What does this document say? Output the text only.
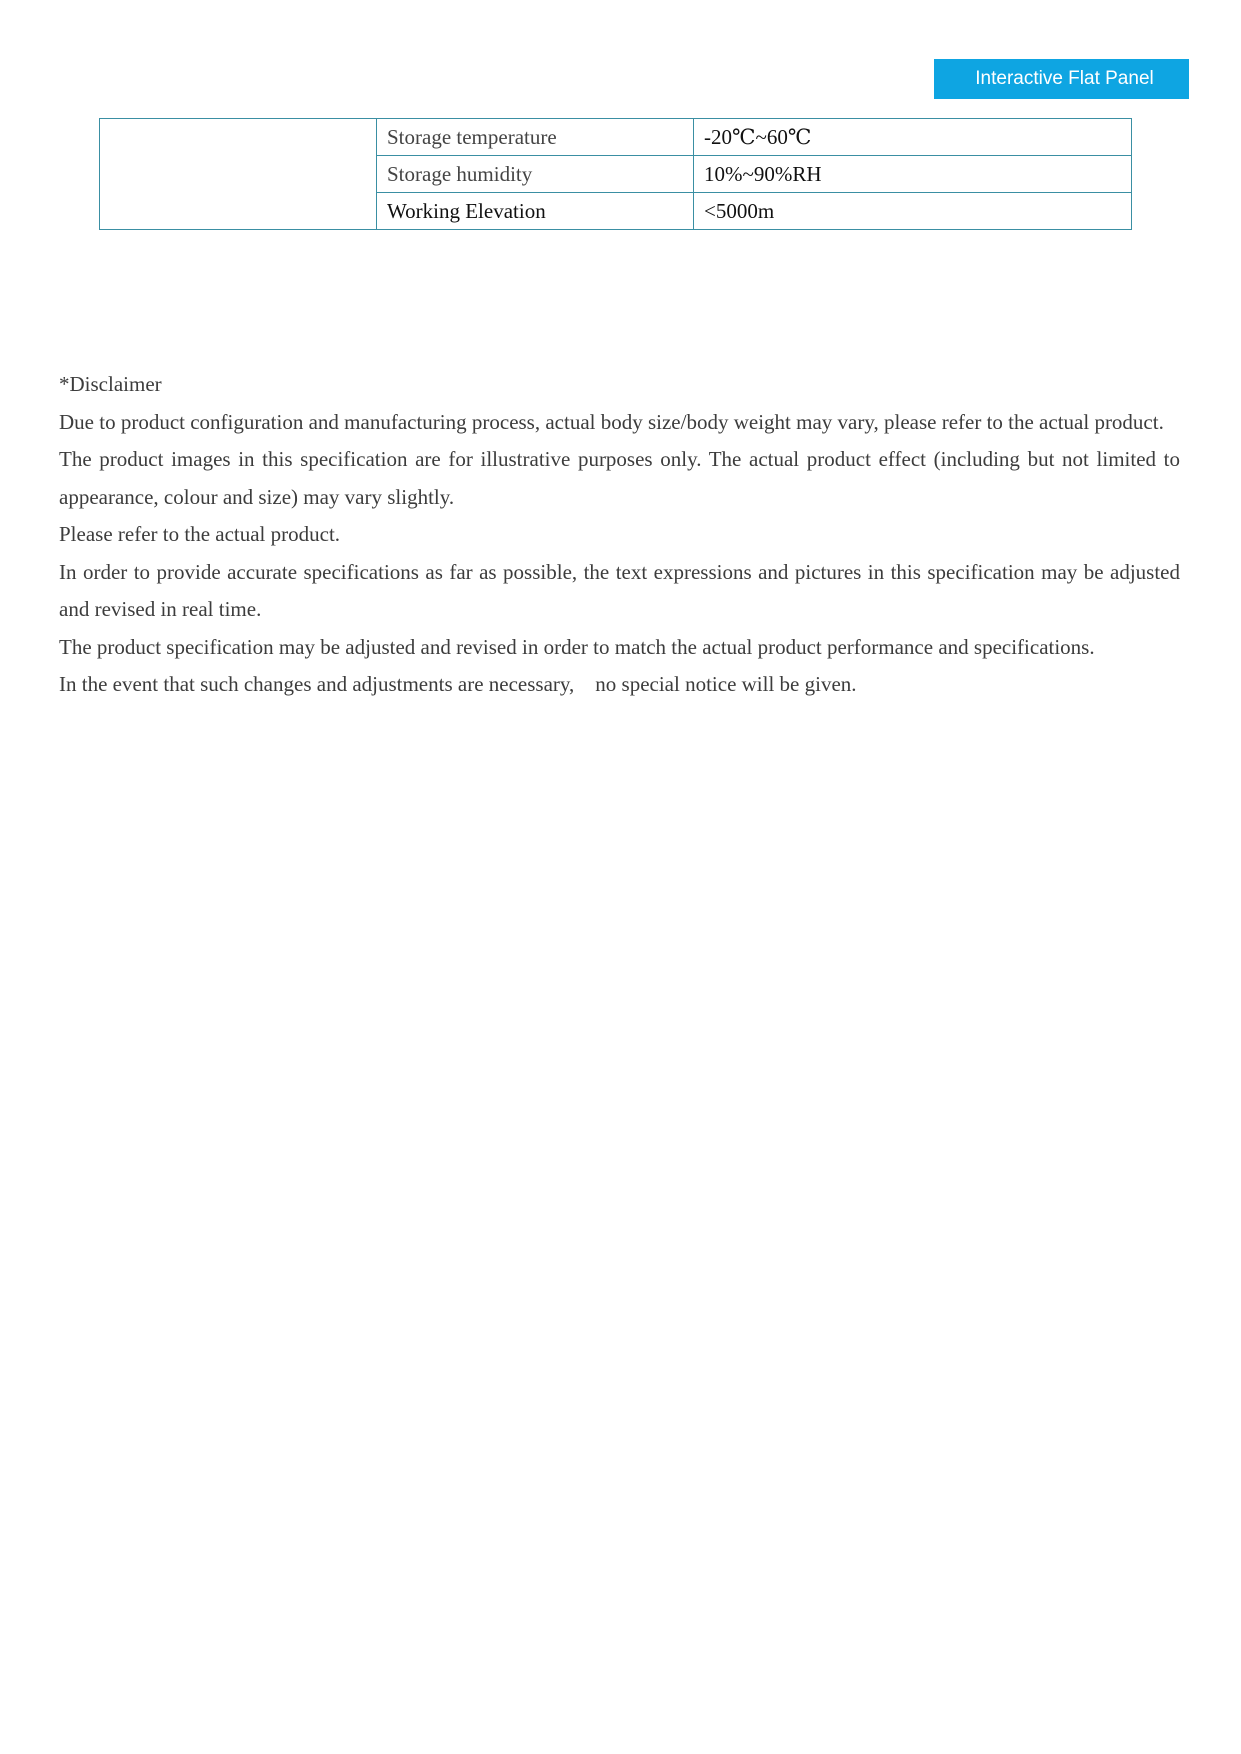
Interactive Flat Panel
	Storage temperature	-20℃~60℃
	Storage humidity	10%~90%RH
	Working Elevation	<5000m

*Disclaimer

Due to product configuration and manufacturing process, actual body size/body weight may vary, please refer to the actual product.

The product images in this specification are for illustrative purposes only. The actual product effect (including but not limited to appearance, colour and size) may vary slightly.

Please refer to the actual product.

In order to provide accurate specifications as far as possible, the text expressions and pictures in this specification may be adjusted and revised in real time.

The product specification may be adjusted and revised in order to match the actual product performance and specifications.

In the event that such changes and adjustments are necessary,　no special notice will be given.
